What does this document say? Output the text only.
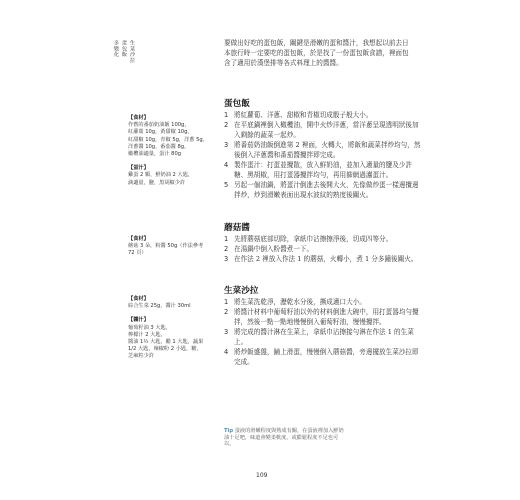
多變化 蛋包飯 生菜沙拉	要做出好吃的蛋包飯，關鍵是滑嫩的蛋和醬汁，我想起以前去日本旅行時一定要吃的蛋包飯，於是找了一份蛋包飯食譜，裡面包含了適用於漢堡排等各式料理上的醬醬。
蛋包飯
1 將紅蘿蔔、洋蔥、甜椒和青椒切成骰子般大小。
2 在平底鍋裡倒入橄欖油，開中火炒洋蔥，當洋蔥呈現透明狀後加入剩餘的蔬菜一起炒。
3 將番茄奶油飯倒進第 2 裡面，火轉大，將飯和蔬菜拌炒均勻，然後倒入洋蔥醬和番茄醬攪拌即完成。
4 製作蛋汁：打蛋並攪散，放入鮮奶油，並加入適量的鹽及少許糖、黑胡椒，用打蛋器攪拌均勻，再用篩網過濾蛋汁。
5 另起一個油鍋，將蛋汁倒進去後開大火，先像做炒蛋一樣邊攪邊拌炒，炒到滑嫩表面出現水波紋的熟度後關火。
蘑菇醬
1 先將蘑菇底部切除，拿紙巾沾擦擦淨後，切成四等分。
2 在湯鍋中倒入粉醬煮一下。
3 在作法 2 裡放入作法 1 的蘑菇，火轉小，煮 1 分多鐘後關火。
生菜沙拉
1 將生菜洗乾淨，瀝乾水分後，撕成適口大小。
2 將醬汁材料中葡萄籽油以外的材料倒進大碗中，用打蛋器均勻攪拌，然後一點一點地慢慢倒入葡萄籽油，慢慢攪拌。
3 將完成的醬汁淋在生菜上，拿紙巾沾擦接勻淋在作法 1 的生菜上。
4 將炒飯盛盤，鋪上滑蛋，慢慢倒入蘑菇醬，旁邊擺放生菜沙拉即完成。
【食材】
作舊的番茄奶油飯 100g，
紅蘿蔔 10g，黃甜椒 10g，
紅甜椒 10g，青椒 5g，洋蔥 5g，
洋蔥醬 10g，番茄醬 8g，
橄欖油適量，蛋汁 80g
【蛋汁】
雞蛋 2 顆，鮮奶油 2 大匙，
滴適量，鹽，黑胡椒少許
【食材】
蘑菇 3 朵，粉醬 50g（作法參考
72 頁）
【食材】
綜合生菜 25g，醬汁 30ml
【醬汁】
葡萄籽油 3 大匙，
檸檬汁 2 大匙，
醬油 1½ 大匙，醋 1 大匙，蔬果
1/2 大匙，辣椒粉 2 小匙，糖，
芝麻粒少許
Tip 蛋液的滑嫩程度與熟成有關，在蛋液裡加入鮮奶油十足吧，味道會變柔軟度，或膨鬆程度不足也可以。
109
